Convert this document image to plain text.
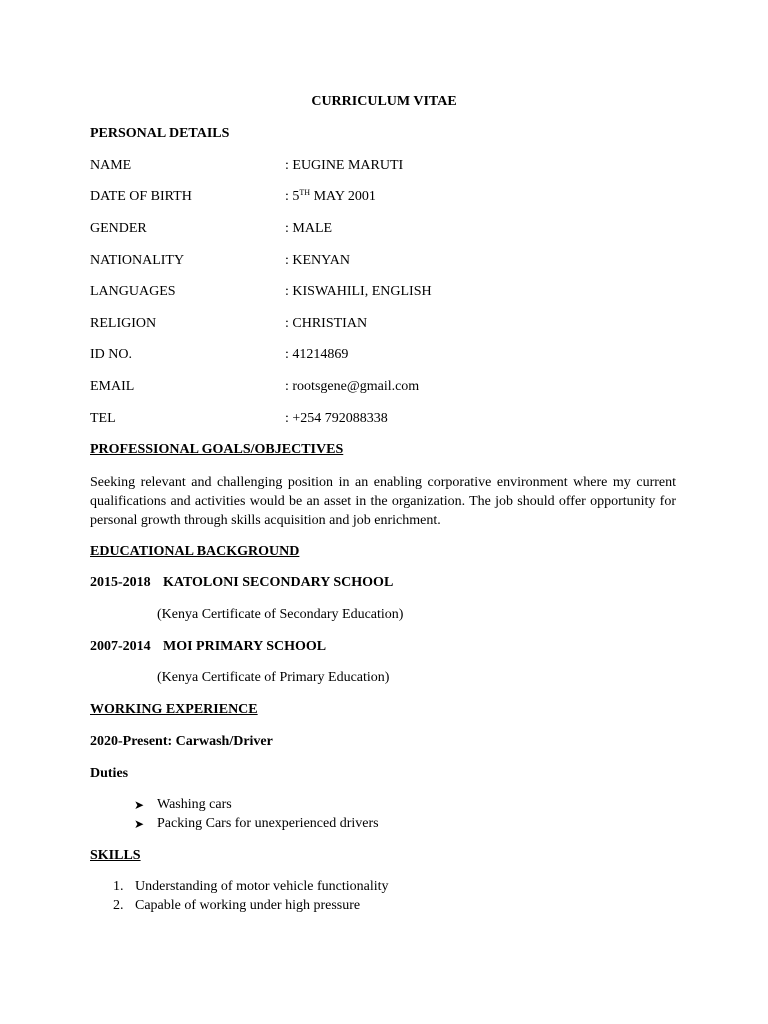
CURRICULUM VITAE
PERSONAL DETAILS
NAME	: EUGINE MARUTI
DATE OF BIRTH	: 5TH MAY 2001
GENDER	: MALE
NATIONALITY	: KENYAN
LANGUAGES	: KISWAHILI, ENGLISH
RELIGION	: CHRISTIAN
ID NO.	: 41214869
EMAIL	: rootsgene@gmail.com
TEL	: +254 792088338
PROFESSIONAL GOALS/OBJECTIVES
Seeking relevant and challenging position in an enabling corporative environment where my current qualifications and activities would be an asset in the organization. The job should offer opportunity for personal growth through skills acquisition and job enrichment.
EDUCATIONAL BACKGROUND
2015-2018 KATOLONI SECONDARY SCHOOL
(Kenya Certificate of Secondary Education)
2007-2014 MOI PRIMARY SCHOOL
(Kenya Certificate of Primary Education)
WORKING EXPERIENCE
2020-Present: Carwash/Driver
Duties
➤ Washing cars
➤ Packing Cars for unexperienced drivers
SKILLS
1. Understanding of motor vehicle functionality
2. Capable of working under high pressure
